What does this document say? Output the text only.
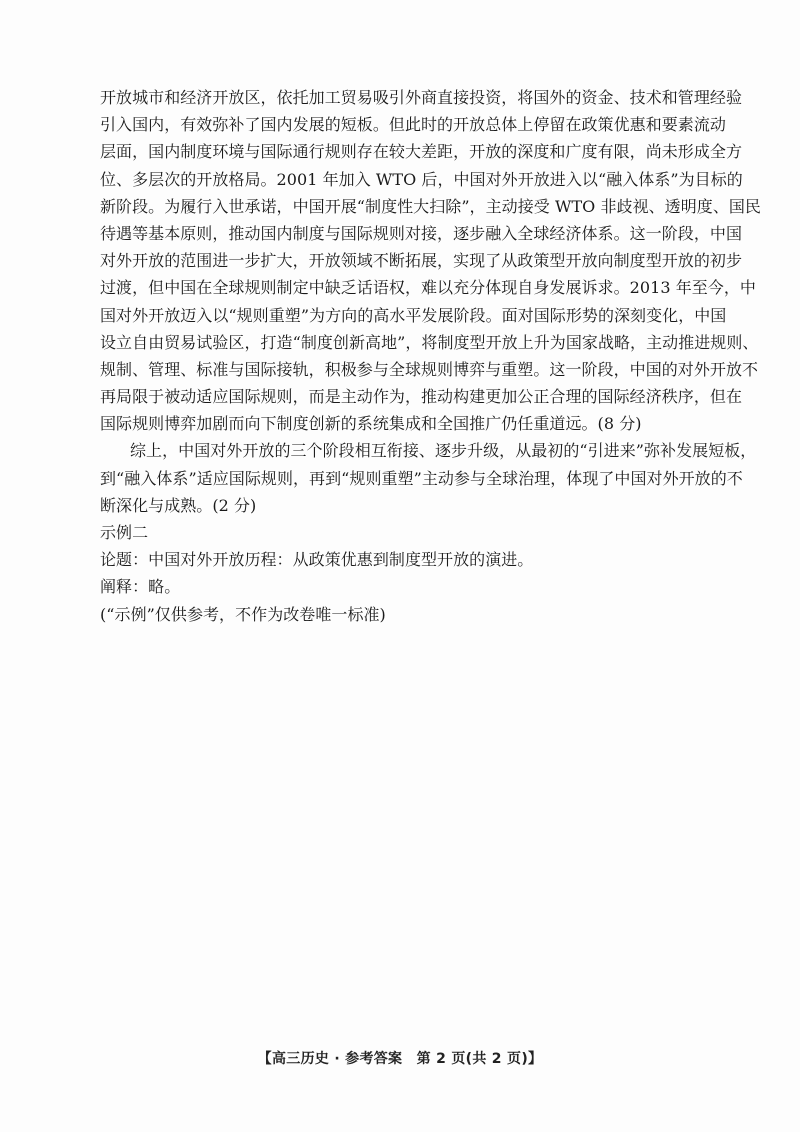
开放城市和经济开放区，依托加工贸易吸引外商直接投资，将国外的资金、技术和管理经验
引入国内，有效弥补了国内发展的短板。但此时的开放总体上停留在政策优惠和要素流动
层面，国内制度环境与国际通行规则存在较大差距，开放的深度和广度有限，尚未形成全方
位、多层次的开放格局。2001 年加入 WTO 后，中国对外开放进入以“融入体系”为目标的
新阶段。为履行入世承诺，中国开展“制度性大扫除”，主动接受 WTO 非歧视、透明度、国民
待遇等基本原则，推动国内制度与国际规则对接，逐步融入全球经济体系。这一阶段，中国
对外开放的范围进一步扩大，开放领域不断拓展，实现了从政策型开放向制度型开放的初步
过渡，但中国在全球规则制定中缺乏话语权，难以充分体现自身发展诉求。2013 年至今，中
国对外开放迈入以“规则重塑”为方向的高水平发展阶段。面对国际形势的深刻变化，中国
设立自由贸易试验区，打造“制度创新高地”，将制度型开放上升为国家战略，主动推进规则、
规制、管理、标准与国际接轨，积极参与全球规则博弈与重塑。这一阶段，中国的对外开放不
再局限于被动适应国际规则，而是主动作为，推动构建更加公正合理的国际经济秩序，但在
国际规则博弈加剧而向下制度创新的系统集成和全国推广仍任重道远。(8 分)
综上，中国对外开放的三个阶段相互衔接、逐步升级，从最初的“引进来”弥补发展短板，
到“融入体系”适应国际规则，再到“规则重塑”主动参与全球治理，体现了中国对外开放的不
断深化与成熟。(2 分)
示例二
论题：中国对外开放历程：从政策优惠到制度型开放的演进。
阐释：略。
(“示例”仅供参考，不作为改卷唯一标准)
【高三历史 · 参考答案　第 2 页(共 2 页)】
